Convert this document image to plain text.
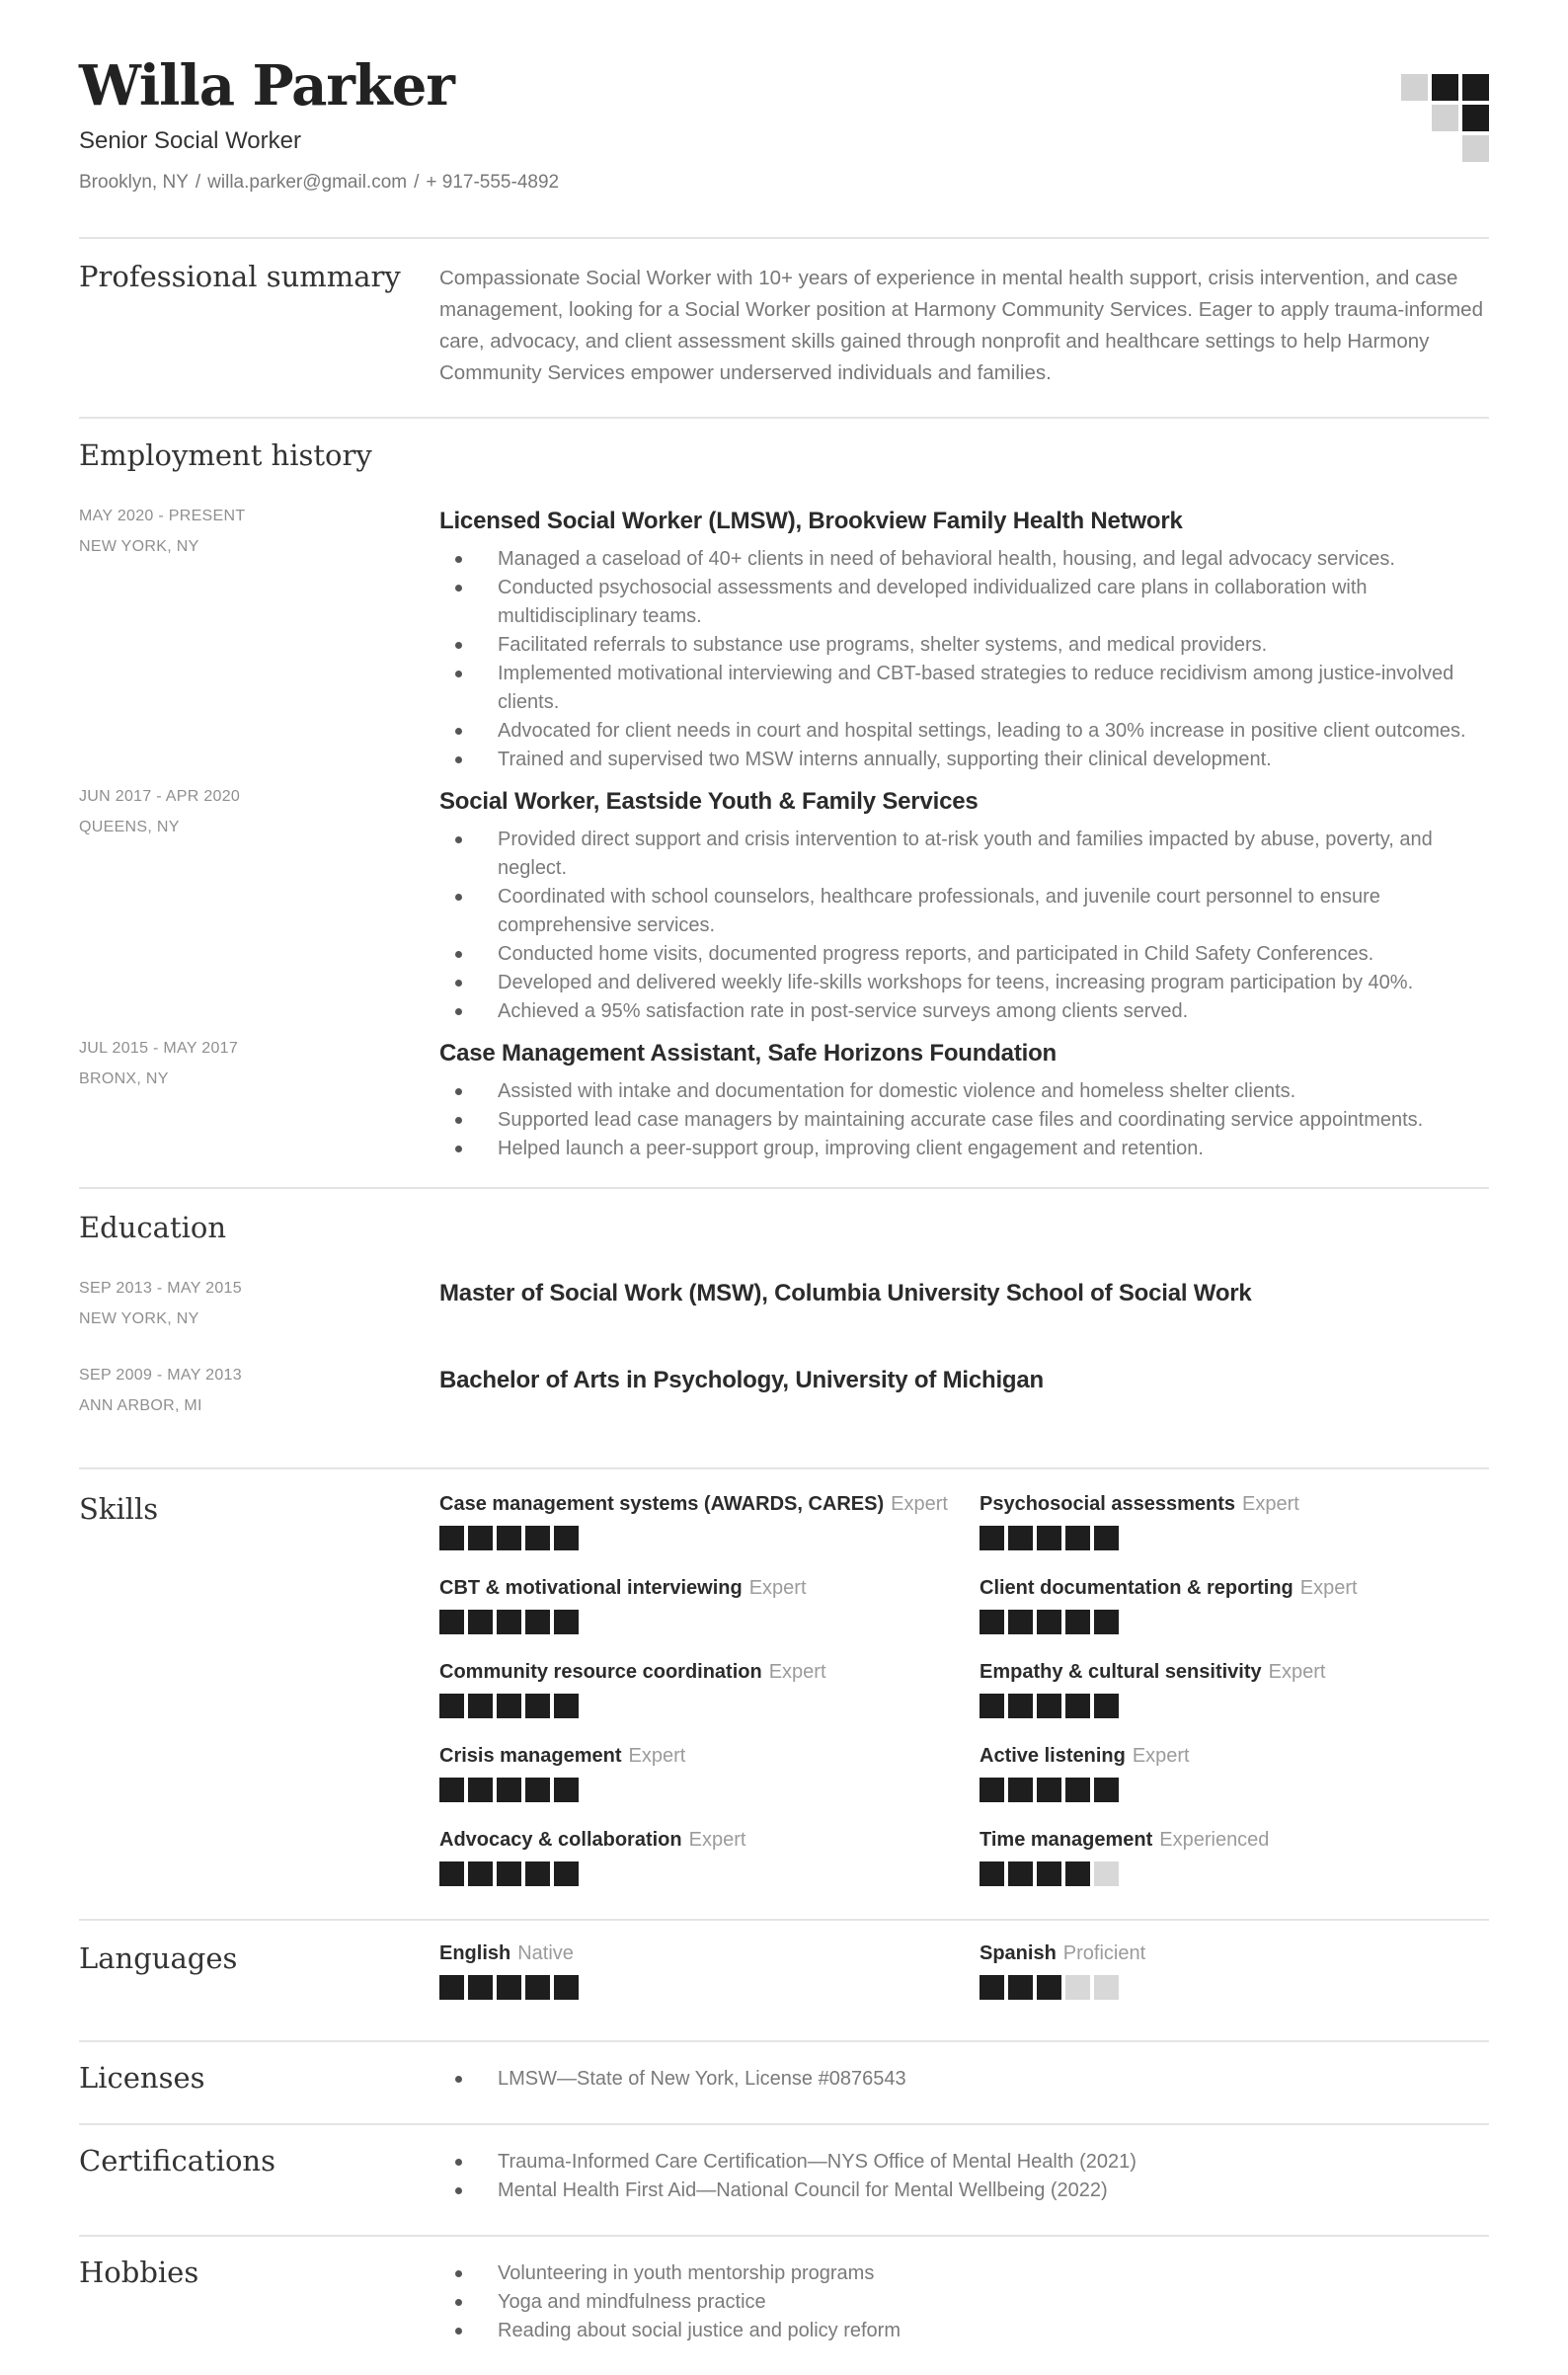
Willa Parker
Senior Social Worker
Brooklyn, NY / willa.parker@gmail.com / + 917-555-4892
Professional summary	Compassionate Social Worker with 10+ years of experience in mental health support, crisis intervention, and case management, looking for a Social Worker position at Harmony Community Services. Eager to apply trauma-informed care, advocacy, and client assessment skills gained through nonprofit and healthcare settings to help Harmony Community Services empower underserved individuals and families.
Employment history
MAY 2020 - PRESENT
NEW YORK, NY
Licensed Social Worker (LMSW), Brookview Family Health Network
Managed a caseload of 40+ clients in need of behavioral health, housing, and legal advocacy services.
Conducted psychosocial assessments and developed individualized care plans in collaboration with multidisciplinary teams.
Facilitated referrals to substance use programs, shelter systems, and medical providers.
Implemented motivational interviewing and CBT-based strategies to reduce recidivism among justice-involved clients.
Advocated for client needs in court and hospital settings, leading to a 30% increase in positive client outcomes.
Trained and supervised two MSW interns annually, supporting their clinical development.
JUN 2017 - APR 2020
QUEENS, NY
Social Worker, Eastside Youth & Family Services
Provided direct support and crisis intervention to at-risk youth and families impacted by abuse, poverty, and neglect.
Coordinated with school counselors, healthcare professionals, and juvenile court personnel to ensure comprehensive services.
Conducted home visits, documented progress reports, and participated in Child Safety Conferences.
Developed and delivered weekly life-skills workshops for teens, increasing program participation by 40%.
Achieved a 95% satisfaction rate in post-service surveys among clients served.
JUL 2015 - MAY 2017
BRONX, NY
Case Management Assistant, Safe Horizons Foundation
Assisted with intake and documentation for domestic violence and homeless shelter clients.
Supported lead case managers by maintaining accurate case files and coordinating service appointments.
Helped launch a peer-support group, improving client engagement and retention.
Education
SEP 2013 - MAY 2015
NEW YORK, NY
Master of Social Work (MSW), Columbia University School of Social Work
SEP 2009 - MAY 2013
ANN ARBOR, MI
Bachelor of Arts in Psychology, University of Michigan
Skills	Case management systems (AWARDS, CARES) Expert	Psychosocial assessments Expert
CBT & motivational interviewing Expert	Client documentation & reporting Expert
Community resource coordination Expert	Empathy & cultural sensitivity Expert
Crisis management Expert	Active listening Expert
Advocacy & collaboration Expert	Time management Experienced
Languages	English Native	Spanish Proficient
Licenses	LMSW—State of New York, License #0876543
Certifications	Trauma-Informed Care Certification—NYS Office of Mental Health (2021)
Mental Health First Aid—National Council for Mental Wellbeing (2022)
Hobbies	Volunteering in youth mentorship programs
Yoga and mindfulness practice
Reading about social justice and policy reform
